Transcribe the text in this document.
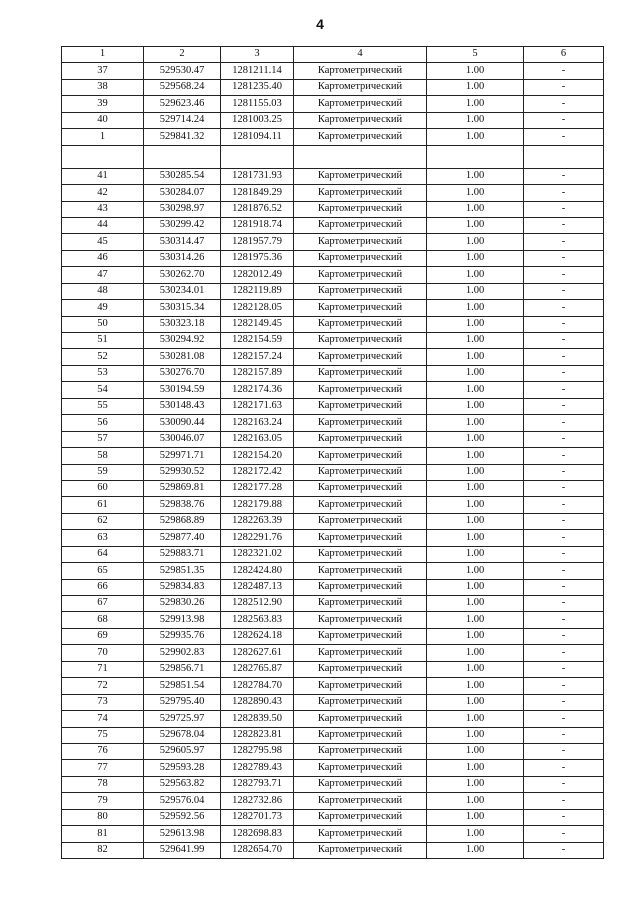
4
1	2	3	4	5	6
37	529530.47	1281211.14	Картометрический	1.00	-
38	529568.24	1281235.40	Картометрический	1.00	-
39	529623.46	1281155.03	Картометрический	1.00	-
40	529714.24	1281003.25	Картометрический	1.00	-
1	529841.32	1281094.11	Картометрический	1.00	-

41	530285.54	1281731.93	Картометрический	1.00	-
42	530284.07	1281849.29	Картометрический	1.00	-
43	530298.97	1281876.52	Картометрический	1.00	-
44	530299.42	1281918.74	Картометрический	1.00	-
45	530314.47	1281957.79	Картометрический	1.00	-
46	530314.26	1281975.36	Картометрический	1.00	-
47	530262.70	1282012.49	Картометрический	1.00	-
48	530234.01	1282119.89	Картометрический	1.00	-
49	530315.34	1282128.05	Картометрический	1.00	-
50	530323.18	1282149.45	Картометрический	1.00	-
51	530294.92	1282154.59	Картометрический	1.00	-
52	530281.08	1282157.24	Картометрический	1.00	-
53	530276.70	1282157.89	Картометрический	1.00	-
54	530194.59	1282174.36	Картометрический	1.00	-
55	530148.43	1282171.63	Картометрический	1.00	-
56	530090.44	1282163.24	Картометрический	1.00	-
57	530046.07	1282163.05	Картометрический	1.00	-
58	529971.71	1282154.20	Картометрический	1.00	-
59	529930.52	1282172.42	Картометрический	1.00	-
60	529869.81	1282177.28	Картометрический	1.00	-
61	529838.76	1282179.88	Картометрический	1.00	-
62	529868.89	1282263.39	Картометрический	1.00	-
63	529877.40	1282291.76	Картометрический	1.00	-
64	529883.71	1282321.02	Картометрический	1.00	-
65	529851.35	1282424.80	Картометрический	1.00	-
66	529834.83	1282487.13	Картометрический	1.00	-
67	529830.26	1282512.90	Картометрический	1.00	-
68	529913.98	1282563.83	Картометрический	1.00	-
69	529935.76	1282624.18	Картометрический	1.00	-
70	529902.83	1282627.61	Картометрический	1.00	-
71	529856.71	1282765.87	Картометрический	1.00	-
72	529851.54	1282784.70	Картометрический	1.00	-
73	529795.40	1282890.43	Картометрический	1.00	-
74	529725.97	1282839.50	Картометрический	1.00	-
75	529678.04	1282823.81	Картометрический	1.00	-
76	529605.97	1282795.98	Картометрический	1.00	-
77	529593.28	1282789.43	Картометрический	1.00	-
78	529563.82	1282793.71	Картометрический	1.00	-
79	529576.04	1282732.86	Картометрический	1.00	-
80	529592.56	1282701.73	Картометрический	1.00	-
81	529613.98	1282698.83	Картометрический	1.00	-
82	529641.99	1282654.70	Картометрический	1.00	-
